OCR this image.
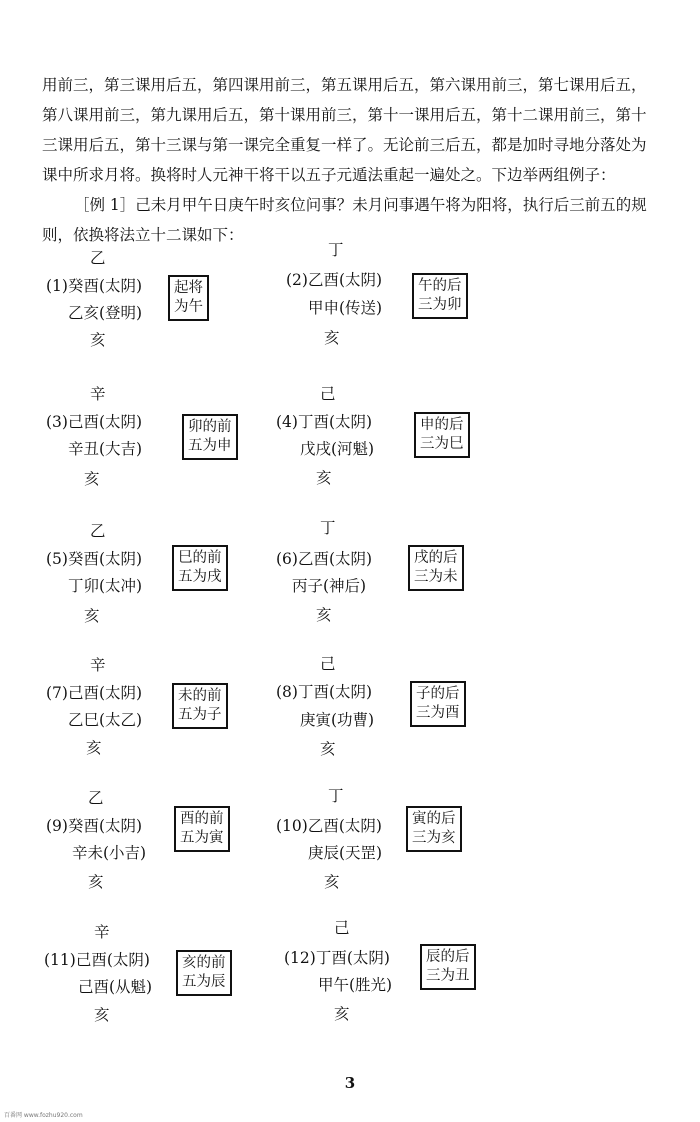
用前三，第三课用后五，第四课用前三，第五课用后五，第六课用前三，第七课用后五，
第八课用前三，第九课用后五，第十课用前三，第十一课用后五，第十二课用前三，第十
三课用后五，第十三课与第一课完全重复一样了。无论前三后五，都是加时寻地分落处为
课中所求月将。换将时人元神干将干以五子元遁法重起一遍处之。下边举两组例子：
［例 1］己未月甲午日庚午时亥位问事？未月问事遇午将为阳将，执行后三前五的规
则，依换将法立十二课如下：
乙
(1)癸酉(太阴)
乙亥(登明)
亥
起将
为午
丁
(2)乙酉(太阴)
甲申(传送)
亥
午的后
三为卯
辛
(3)己酉(太阴)
辛丑(大吉)
亥
卯的前
五为申
己
(4)丁酉(太阴)
戊戌(河魁)
亥
申的后
三为巳
乙
(5)癸酉(太阴)
丁卯(太冲)
亥
巳的前
五为戌
丁
(6)乙酉(太阴)
丙子(神后)
亥
戌的后
三为未
辛
(7)己酉(太阴)
乙巳(太乙)
亥
未的前
五为子
己
(8)丁酉(太阴)
庚寅(功曹)
亥
子的后
三为酉
乙
(9)癸酉(太阴)
辛未(小吉)
亥
酉的前
五为寅
丁
(10)乙酉(太阴)
庚辰(天罡)
亥
寅的后
三为亥
辛
(11)己酉(太阴)
己酉(从魁)
亥
亥的前
五为辰
己
(12)丁酉(太阴)
甲午(胜光)
亥
辰的后
三为丑
3
百番网 www.fozhu920.com
